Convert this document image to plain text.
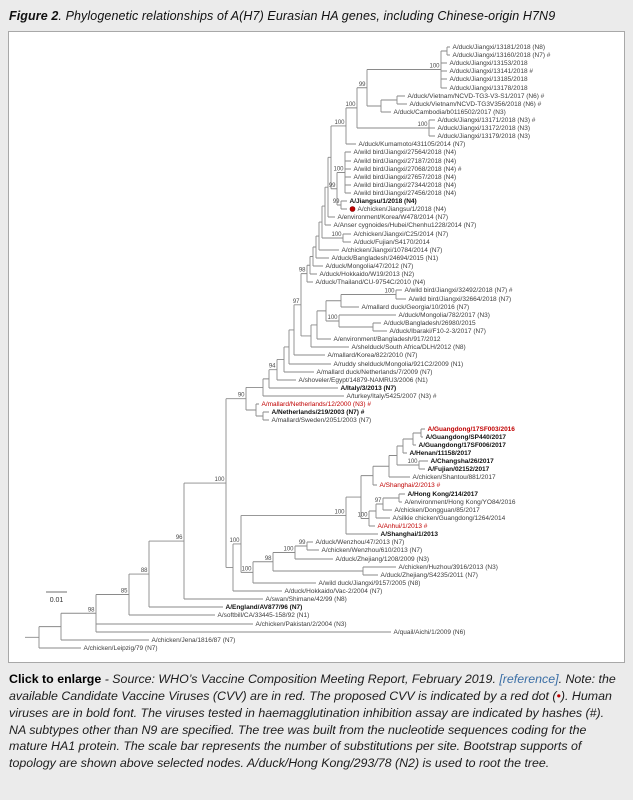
Figure 2. Phylogenetic relationships of A(H7) Eurasian HA genes, including Chinese-origin H7N9
A/duck/Jiangxi/13181/2018 (N8)
A/duck/Jiangxi/13160/2018 (N7) #
A/duck/Jiangxi/13153/2018
A/duck/Jiangxi/13141/2018 #
A/duck/Jiangxi/13185/2018
A/duck/Jiangxi/13178/2018
100
A/duck/Vietnam/NCVD-TG3-V3-S1/2017 (N6) #
A/duck/Vietnam/NCVD-TG3V356/2018 (N6) #
A/duck/Cambodia/b0116502/2017 (N3)
99
A/duck/Jiangxi/13171/2018 (N3) #
A/duck/Jiangxi/13172/2018 (N3)
A/duck/Jiangxi/13179/2018 (N3)
100
100
A/duck/Kumamoto/431105/2014 (N7)
100
A/wild bird/Jiangxi/27564/2018 (N4)
A/wild bird/Jiangxi/27187/2018 (N4)
A/wild bird/Jiangxi/27068/2018 (N4) #
A/wild bird/Jiangxi/27657/2018 (N4)
A/wild bird/Jiangxi/27344/2018 (N4)
A/wild bird/Jiangxi/27456/2018 (N4)
100
A/Jiangsu/1/2018 (N4)
A/chicken/Jiangsu/1/2018 (N4)
99
99
A/environment/Korea/W478/2014 (N7)
A/Anser cygnoides/Hubei/Chenhu1228/2014 (N7)
A/chicken/Jiangxi/C25/2014 (N7)
A/duck/Fujian/S4170/2014
100
A/chicken/Jiangxi/10784/2014 (N7)
A/duck/Bangladesh/24694/2015 (N1)
A/duck/Mongolia/47/2012 (N7)
A/duck/Hokkaido/W19/2013 (N2)
A/duck/Thailand/CU-9754C/2010 (N4)
98
A/wild bird/Jiangxi/32492/2018 (N7) #
A/wild bird/Jiangxi/32664/2018 (N7)
100
A/mallard duck/Georgia/10/2016 (N7)
A/duck/Mongolia/782/2017 (N3)
A/duck/Bangladesh/26980/2015
A/duck/Ibaraki/F10-2-3/2017 (N7)
100
A/environment/Bangladesh/917/2012
A/shelduck/South Africa/DLH/2012 (N8)
97
A/mallard/Korea/822/2010 (N7)
A/ruddy shelduck/Mongolia/921C2/2009 (N1)
A/mallard duck/Netherlands/7/2009 (N7)
A/shoveler/Egypt/14879-NAMRU3/2006 (N1)
94
A/Italy/3/2013 (N7)
A/turkey/Italy/5425/2007 (N3) #
A/mallard/Netherlands/12/2000 (N3) #
A/Netherlands/219/2003 (N7) #
A/mallard/Sweden/2051/2003 (N7)
90
A/Guangdong/17SF003/2016
A/Guangdong/SP440/2017
A/Guangdong/17SF006/2017
A/Henan/11158/2017
A/Changsha/26/2017
A/Fujian/02152/2017
100
A/chicken/Shantou/881/2017
A/Shanghai/2/2013 #
A/Hong Kong/214/2017
A/environment/Hong Kong/YO84/2016
A/chicken/Dongguan/85/2017
97
A/silkie chicken/Guangdong/1264/2014
A/Anhui/1/2013 #
100
A/Shanghai/1/2013
100
A/duck/Wenzhou/47/2013 (N7)
A/chicken/Wenzhou/610/2013 (N7)
99
A/duck/Zhejiang/1208/2009 (N3)
100
A/chicken/Huzhou/3916/2013 (N3)
A/duck/Zhejiang/S4235/2011 (N7)
98
A/wild duck/Jiangxi/9157/2005 (N8)
100
100
A/duck/Hokkaido/Vac-2/2004 (N7)
100
A/swan/Shimane/42/99 (N8)
96
A/England/AV877/96 (N7)
88
A/softbill/CA/33445-158/92 (N1)
85
A/chicken/Pakistan/2/2004 (N3)
A/quail/Aichi/1/2009 (N6)
98
A/chicken/Jena/1816/87 (N7)
A/chicken/Leipzig/79 (N7)
0.01
Click to enlarge - Source: WHO’s Vaccine Composition Meeting Report, February 2019. [reference]. Note: the available Candidate Vaccine Viruses (CVV) are in red. The proposed CVV is indicated by a red dot (•). Human viruses are in bold font. The viruses tested in haemagglutination inhibition assay are indicated by hashes (#). NA subtypes other than N9 are specified. The tree was built from the nucleotide sequences coding for the mature HA1 protein. The scale bar represents the number of substitutions per site. Bootstrap supports of topology are shown above selected nodes. A/duck/Hong Kong/293/78 (N2) is used to root the tree.
